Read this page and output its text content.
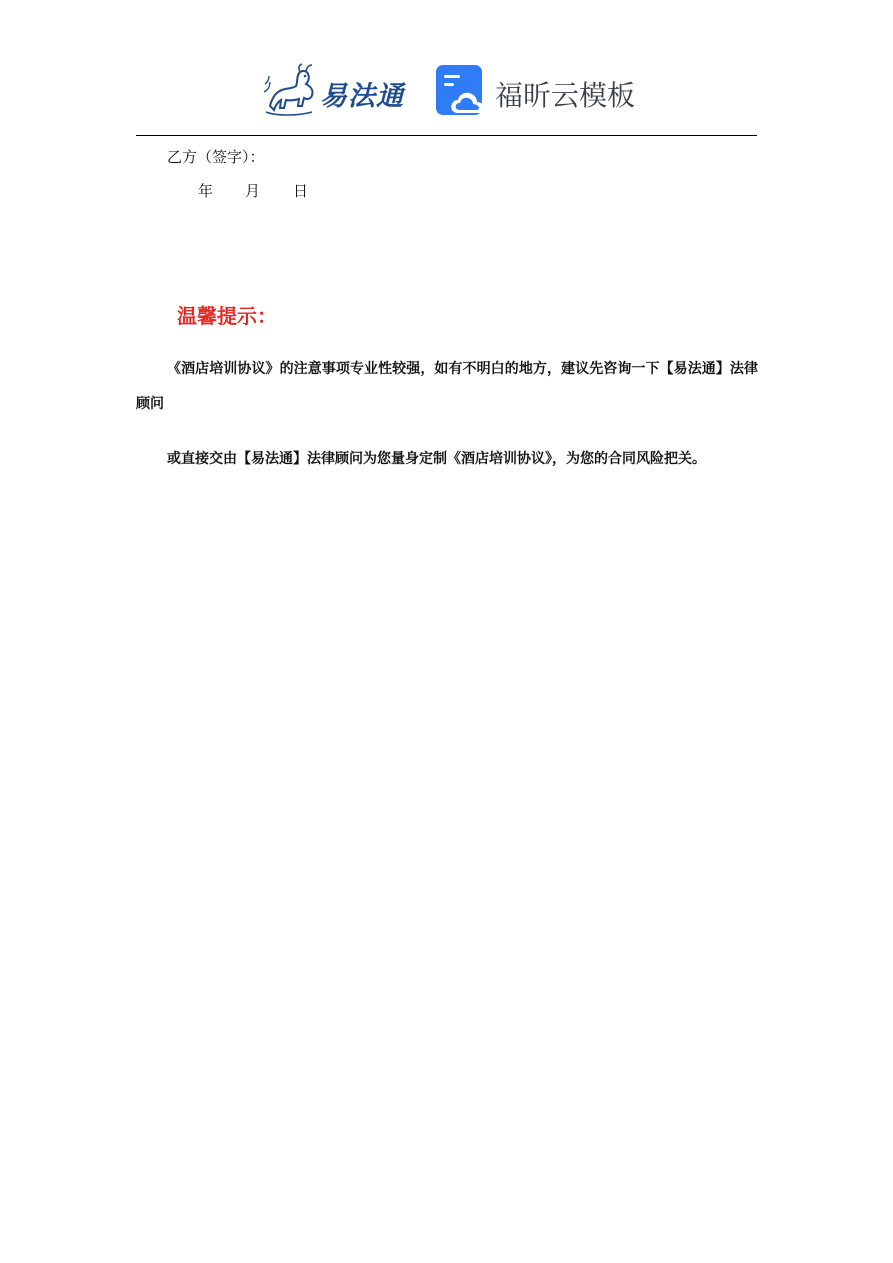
易法通	福昕云模板
乙方（签字）：
年 月 日
温馨提示：

《酒店培训协议》的注意事项专业性较强，如有不明白的地方，建议先咨询一下【易法通】法律顾问

或直接交由【易法通】法律顾问为您量身定制《酒店培训协议》，为您的合同风险把关。
